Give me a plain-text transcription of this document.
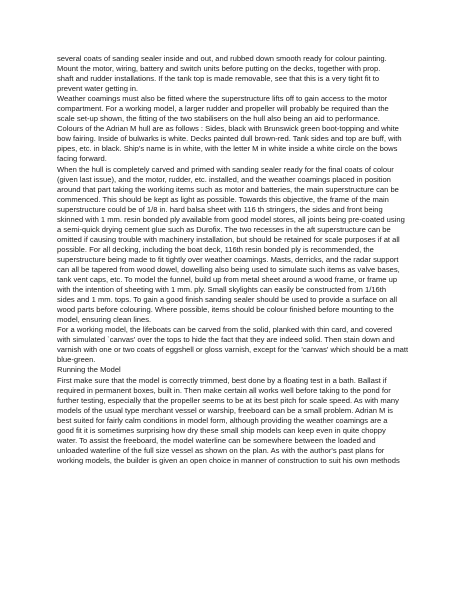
several coats of sanding sealer inside and out, and rubbed down smooth ready for colour painting.
Mount the motor, wiring, battery and switch units before putting on the decks, together with prop.
shaft and rudder installations. If the tank top is made removable, see that this is a very tight fit to
prevent water getting in.
Weather coamings must also be fitted where the superstructure lifts off to gain access to the motor
compartment. For a working model, a larger rudder and propeller will probably be required than the
scale set-up shown, the fitting of the two stabilisers on the hull also being an aid to performance.
Colours of the Adrian M hull are as follows : Sides, black with Brunswick green boot-topping and white
bow fairing. Inside of bulwarks is white. Decks painted dull brown-red. Tank sides and top are buff, with
pipes, etc. in black. Ship's name is in white, with the letter M in white inside a white circle on the bows
facing forward.
When the hull is completely carved and primed with sanding sealer ready for the final coats of colour
(given last issue), and the motor, rudder, etc. installed, and the weather coamings placed in position
around that part taking the working items such as motor and batteries, the main superstructure can be
commenced. This should be kept as light as possible. Towards this objective, the frame of the main
superstructure could be of 1/8 in. hard balsa sheet with 116 th stringers, the sides and front being
skinned with 1 mm. resin bonded ply available from good model stores, all joints being pre-coated using
a semi-quick drying cement glue such as Durofix. The two recesses in the aft superstructure can be
omitted if causing trouble with machinery installation, but should be retained for scale purposes if at all
possible. For all decking, including the boat deck, 116th resin bonded ply is recommended, the
superstructure being made to fit tightly over weather coamings. Masts, derricks, and the radar support
can all be tapered from wood dowel, dowelling also being used to simulate such items as valve bases,
tank vent caps, etc. To model the funnel, build up from metal sheet around a wood frame, or frame up
with the intention of sheeting with 1 mm. ply. Small skylights can easily be constructed from 1/16th
sides and 1 mm. tops. To gain a good finish sanding sealer should be used to provide a surface on all
wood parts before colouring. Where possible, items should be colour finished before mounting to the
model, ensuring clean lines.
For a working model, the lifeboats can be carved from the solid, planked with thin card, and covered
with simulated `canvas' over the tops to hide the fact that they are indeed solid. Then stain down and
varnish with one or two coats of eggshell or gloss varnish, except for the 'canvas' which should be a matt
blue-green.
Running the Model
First make sure that the model is correctly trimmed, best done by a floating test in a bath. Ballast if
required in permanent boxes, built in. Then make certain all works well before taking to the pond for
further testing, especially that the propeller seems to be at its best pitch for scale speed. As with many
models of the usual type merchant vessel or warship, freeboard can be a small problem. Adrian M is
best suited for fairly calm conditions in model form, although providing the weather coamings are a
good fit it is sometimes surprising how dry these small ship models can keep even in quite choppy
water. To assist the freeboard, the model waterline can be somewhere between the loaded and
unloaded waterline of the full size vessel as shown on the plan. As with the author's past plans for
working models, the builder is given an open choice in manner of construction to suit his own methods
